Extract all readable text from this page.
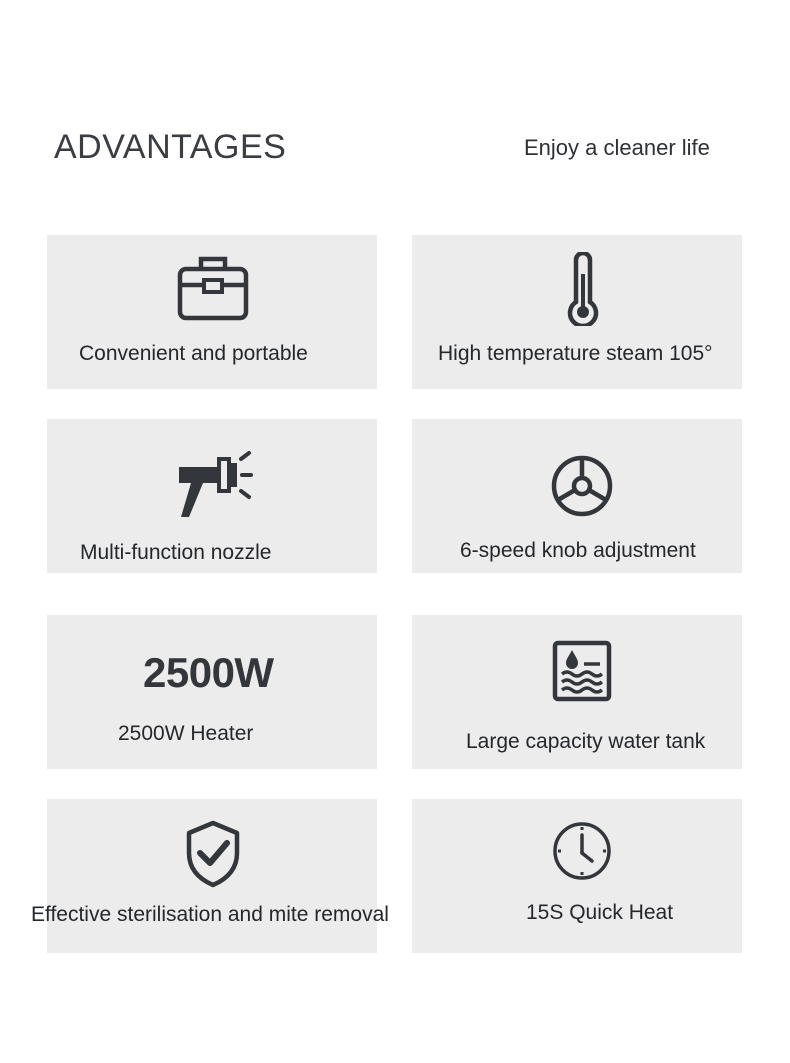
ADVANTAGES	Enjoy a cleaner life
Convenient and portable	High temperature steam 105°
Multi-function nozzle	6-speed knob adjustment
2500W
2500W Heater	Large capacity water tank
Effective sterilisation and mite removal	15S Quick Heat
